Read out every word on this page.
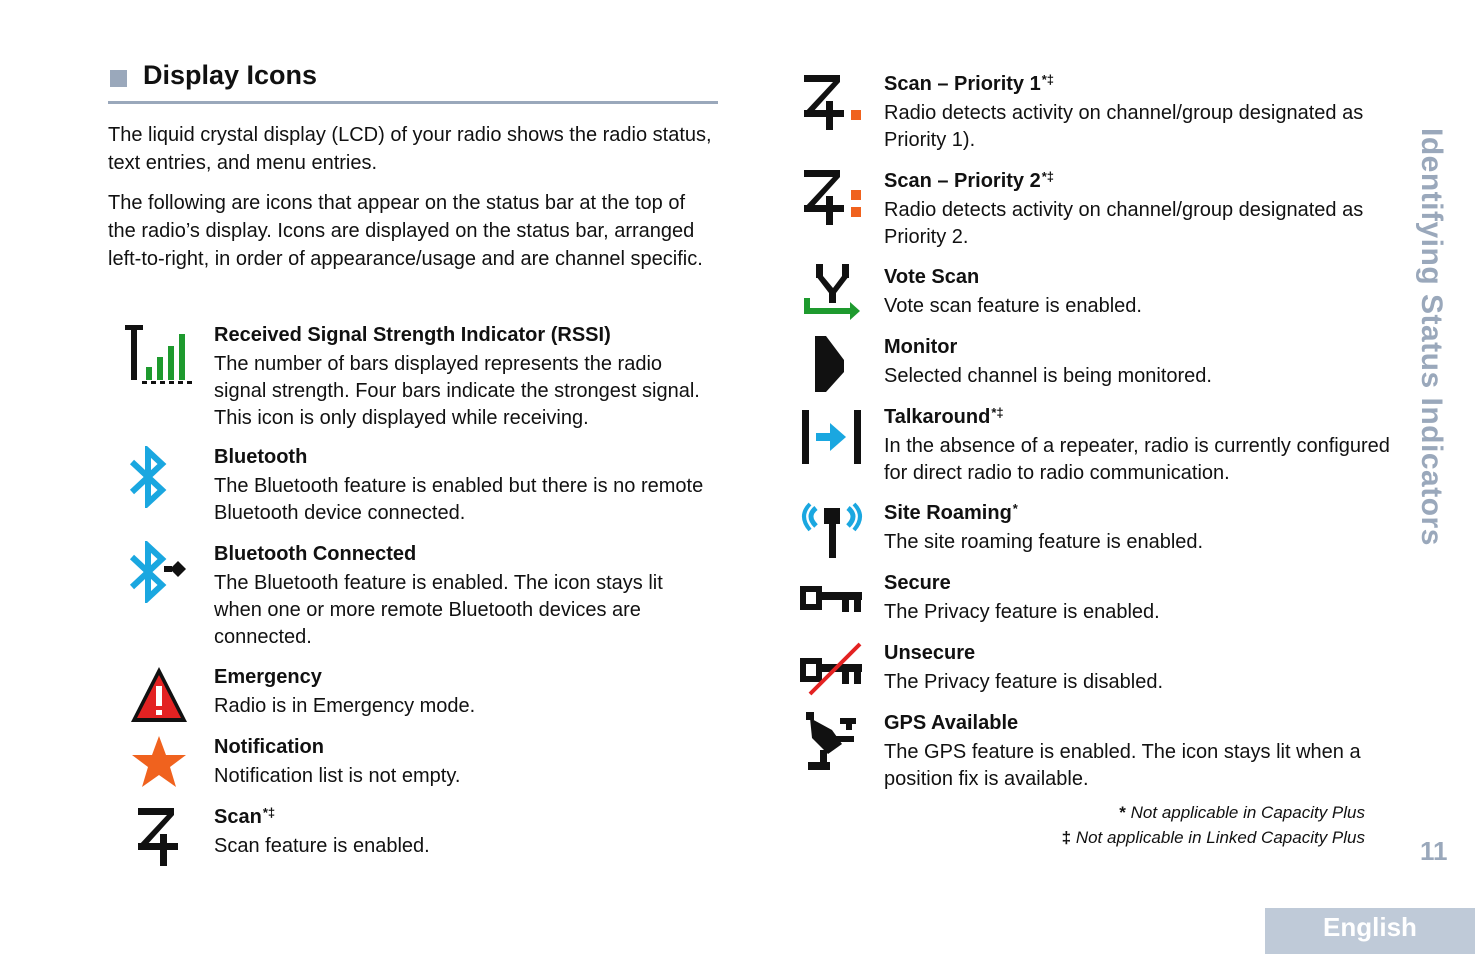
Display Icons

The liquid crystal display (LCD) of your radio shows the radio status, text entries, and menu entries.

The following are icons that appear on the status bar at the top of the radio’s display. Icons are displayed on the status bar, arranged left-to-right, in order of appearance/usage and are channel specific.

Received Signal Strength Indicator (RSSI)
The number of bars displayed represents the radio signal strength. Four bars indicate the strongest signal. This icon is only displayed while receiving.
Bluetooth
The Bluetooth feature is enabled but there is no remote Bluetooth device connected.
Bluetooth Connected
The Bluetooth feature is enabled. The icon stays lit when one or more remote Bluetooth devices are connected.
Emergency
Radio is in Emergency mode.
Notification
Notification list is not empty.
Scan*‡
Scan feature is enabled.
Scan – Priority 1*‡
Radio detects activity on channel/group designated as Priority 1).
Scan – Priority 2*‡
Radio detects activity on channel/group designated as Priority 2.
Vote Scan
Vote scan feature is enabled.
Monitor
Selected channel is being monitored.
Talkaround*‡
In the absence of a repeater, radio is currently configured for direct radio to radio communication.
Site Roaming*
The site roaming feature is enabled.
Secure
The Privacy feature is enabled.
Unsecure
The Privacy feature is disabled.
GPS Available
The GPS feature is enabled. The icon stays lit when a position fix is available.
* Not applicable in Capacity Plus
‡ Not applicable in Linked Capacity Plus
Identifying Status Indicators
11
English
